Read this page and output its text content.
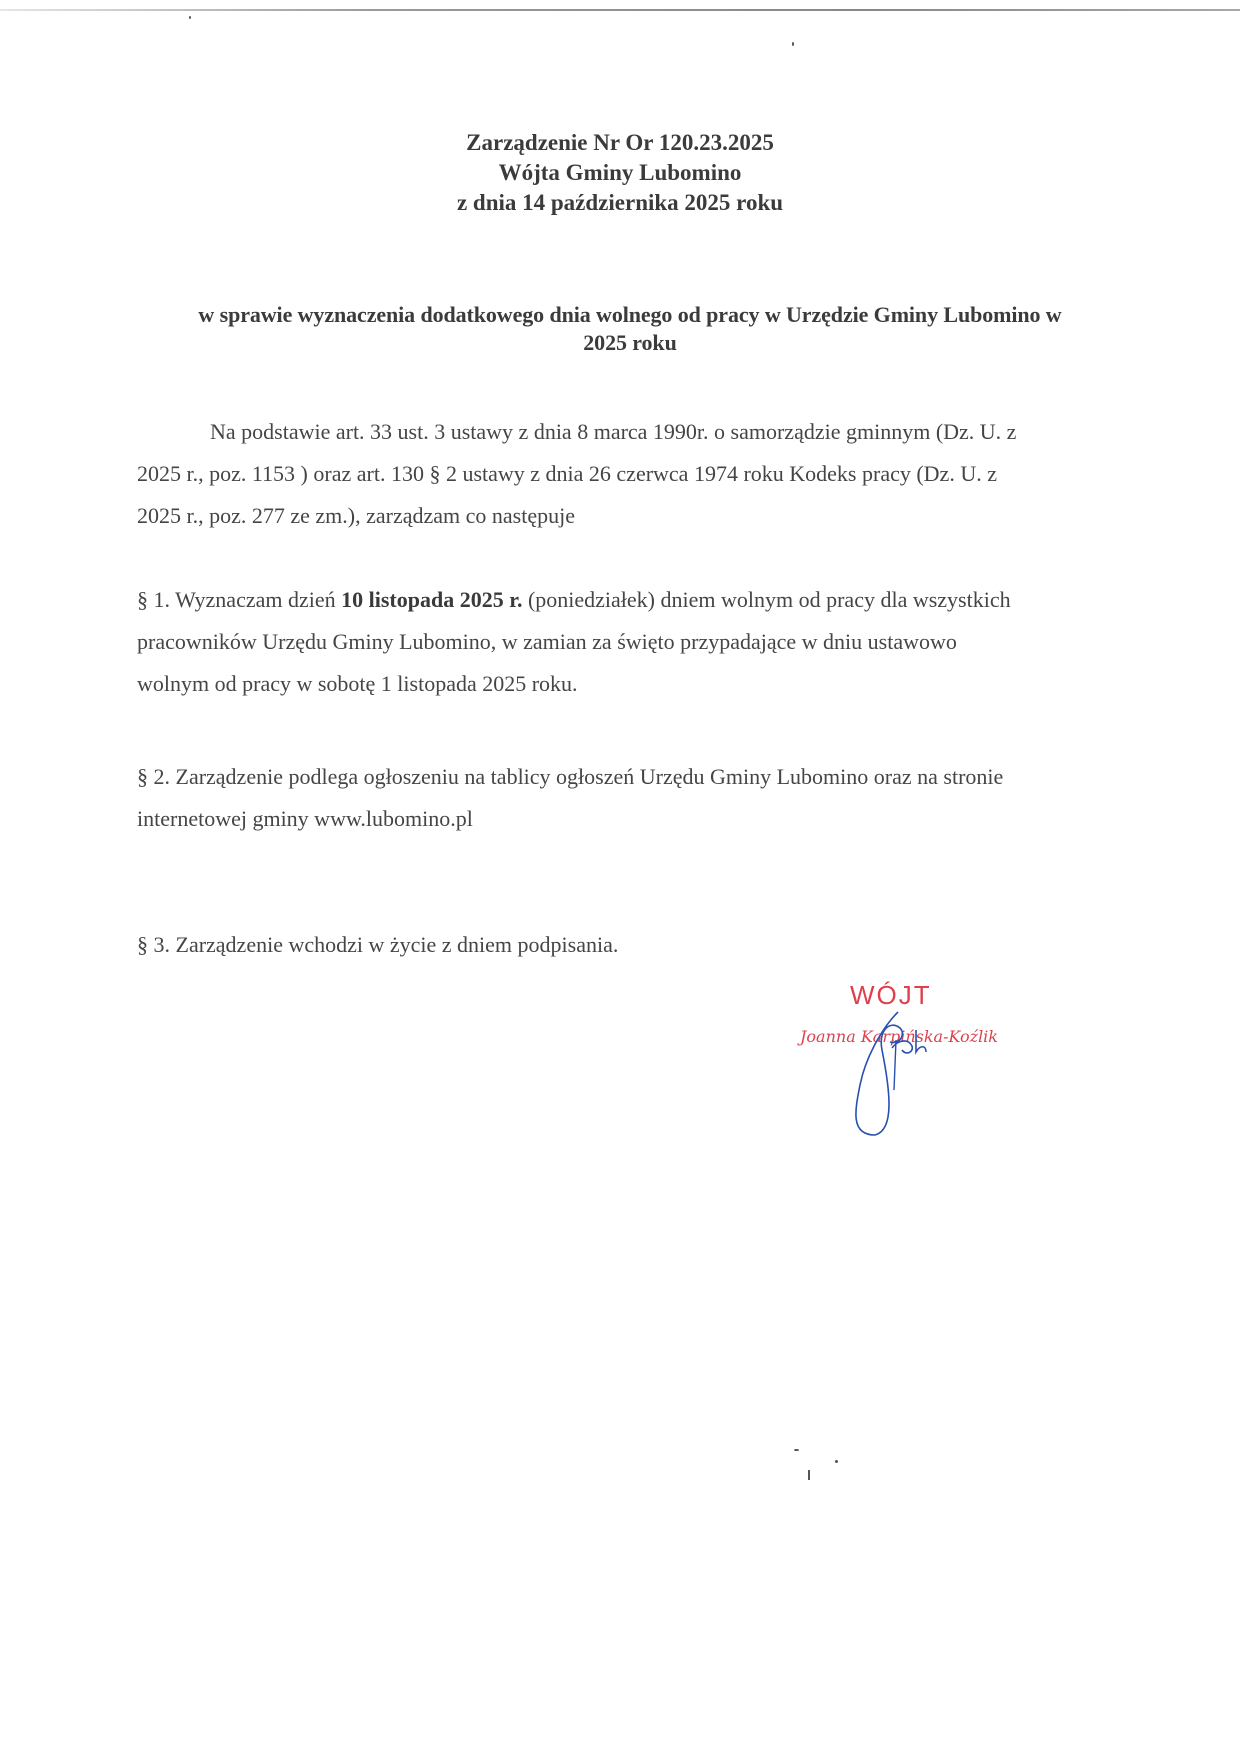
Zarządzenie Nr Or 120.23.2025
Wójta Gminy Lubomino
z dnia 14 października 2025 roku
w sprawie wyznaczenia dodatkowego dnia wolnego od pracy w Urzędzie Gminy Lubomino w
2025 roku
Na podstawie art. 33 ust. 3 ustawy z dnia 8 marca 1990r. o samorządzie gminnym (Dz. U. z
2025 r., poz. 1153 ) oraz art. 130 § 2 ustawy z dnia 26 czerwca 1974 roku Kodeks pracy (Dz. U. z
2025 r., poz. 277 ze zm.), zarządzam co następuje
§ 1. Wyznaczam dzień 10 listopada 2025 r. (poniedziałek) dniem wolnym od pracy dla wszystkich
pracowników Urzędu Gminy Lubomino, w zamian za święto przypadające w dniu ustawowo
wolnym od pracy w sobotę 1 listopada 2025 roku.
§ 2. Zarządzenie podlega ogłoszeniu na tablicy ogłoszeń Urzędu Gminy Lubomino oraz na stronie
internetowej gminy www.lubomino.pl
§ 3. Zarządzenie wchodzi w życie z dniem podpisania.
WÓJT
Joanna Karpińska-Koźlik
